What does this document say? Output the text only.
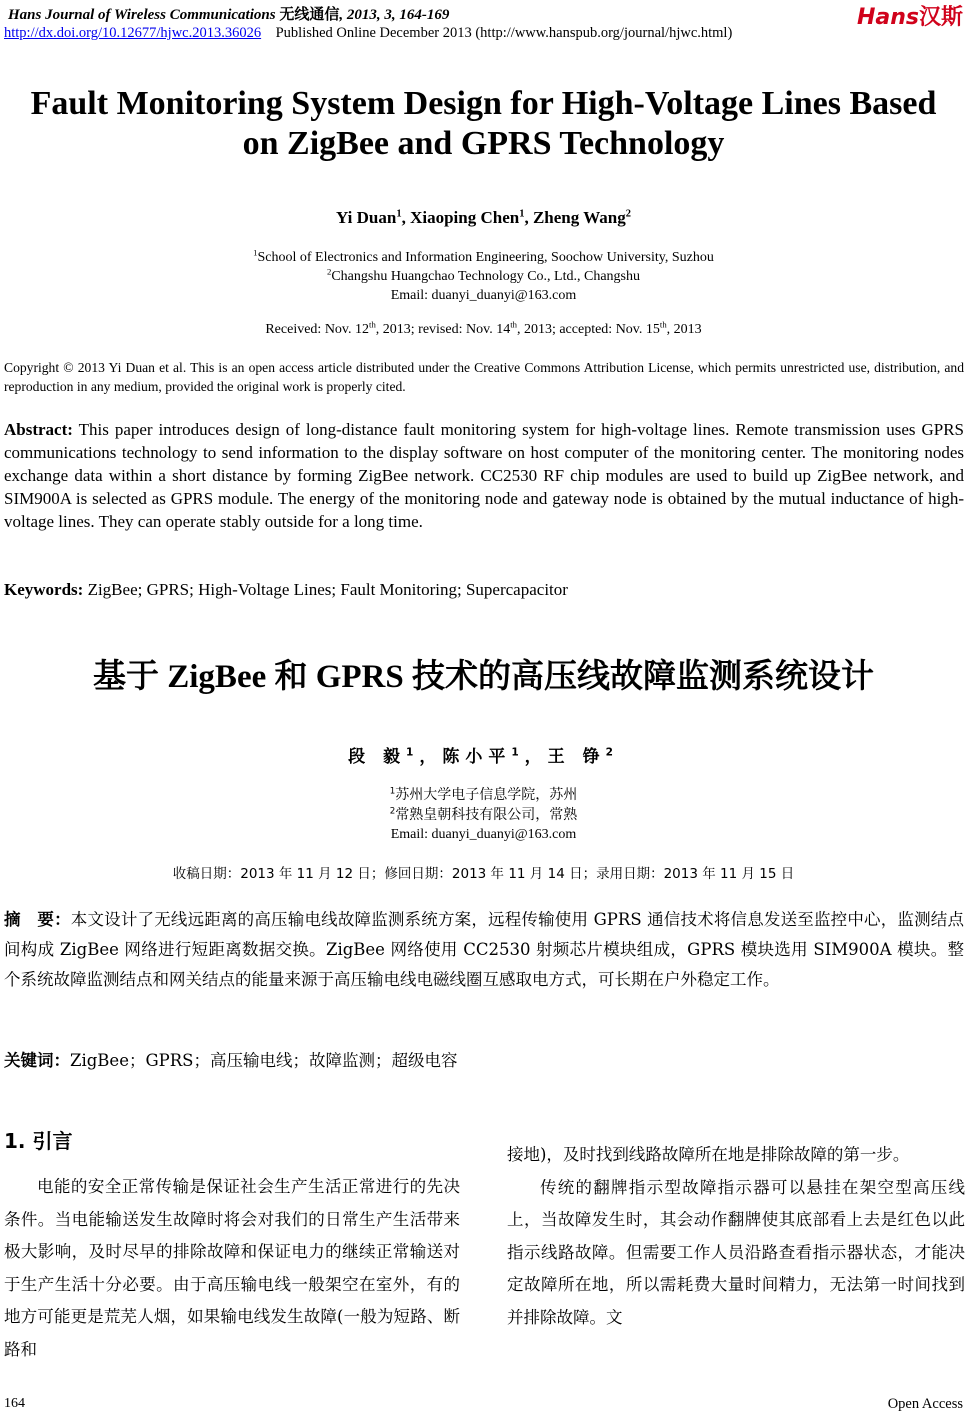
Hans Journal of Wireless Communications 无线通信, 2013, 3, 164-169
http://dx.doi.org/10.12677/hjwc.2013.36026 Published Online December 2013 (http://www.hanspub.org/journal/hjwc.html)
Hans汉斯
Fault Monitoring System Design for High-Voltage Lines Based
on ZigBee and GPRS Technology
Yi Duan$^1$, Xiaoping Chen$^1$, Zheng Wang$^2$
$^1$School of Electronics and Information Engineering, Soochow University, Suzhou
$^2$Changshu Huangchao Technology Co., Ltd., Changshu
Email: duanyi_duanyi@163.com
Received: Nov. 12th, 2013; revised: Nov. 14th, 2013; accepted: Nov. 15th, 2013
Copyright © 2013 Yi Duan et al. This is an open access article distributed under the Creative Commons Attribution License, which permits unrestricted use, distribution, and reproduction in any medium, provided the original work is properly cited.
Abstract: This paper introduces design of long-distance fault monitoring system for high-voltage lines. Remote transmission uses GPRS communications technology to send information to the display software on host computer of the monitoring center. The monitoring nodes exchange data within a short distance by forming ZigBee network. CC2530 RF chip modules are used to build up ZigBee network, and SIM900A is selected as GPRS module. The energy of the monitoring node and gateway node is obtained by the mutual inductance of high-voltage lines. They can operate stably outside for a long time.
Keywords: ZigBee; GPRS; High-Voltage Lines; Fault Monitoring; Supercapacitor
基于 ZigBee 和 GPRS 技术的高压线故障监测系统设计
段 毅$^1$，陈小平$^1$，王 铮$^2$
$^1$苏州大学电子信息学院，苏州
$^2$常熟皇朝科技有限公司，常熟
Email: duanyi_duanyi@163.com
收稿日期：2013 年 11 月 12 日；修回日期：2013 年 11 月 14 日；录用日期：2013 年 11 月 15 日
摘　要：本文设计了无线远距离的高压输电线故障监测系统方案，远程传输使用 GPRS 通信技术将信息发送至监控中心，监测结点间构成 ZigBee 网络进行短距离数据交换。ZigBee 网络使用 CC2530 射频芯片模块组成，GPRS 模块选用 SIM900A 模块。整个系统故障监测结点和网关结点的能量来源于高压输电线电磁线圈互感取电方式，可长期在户外稳定工作。
关键词：ZigBee；GPRS；高压输电线；故障监测；超级电容
1. 引言

电能的安全正常传输是保证社会生产生活正常进行的先决条件。当电能输送发生故障时将会对我们的日常生产生活带来极大影响，及时尽早的排除故障和保证电力的继续正常输送对于生产生活十分必要。由于高压输电线一般架空在室外，有的地方可能更是荒芜人烟，如果输电线发生故障(一般为短路、断路和

接地)，及时找到线路故障所在地是排除故障的第一步。

传统的翻牌指示型故障指示器可以悬挂在架空型高压线上，当故障发生时，其会动作翻牌使其底部看上去是红色以此指示线路故障。但需要工作人员沿路查看指示器状态，才能决定故障所在地，所以需耗费大量时间精力，无法第一时间找到并排除故障。文

164	Open Access
